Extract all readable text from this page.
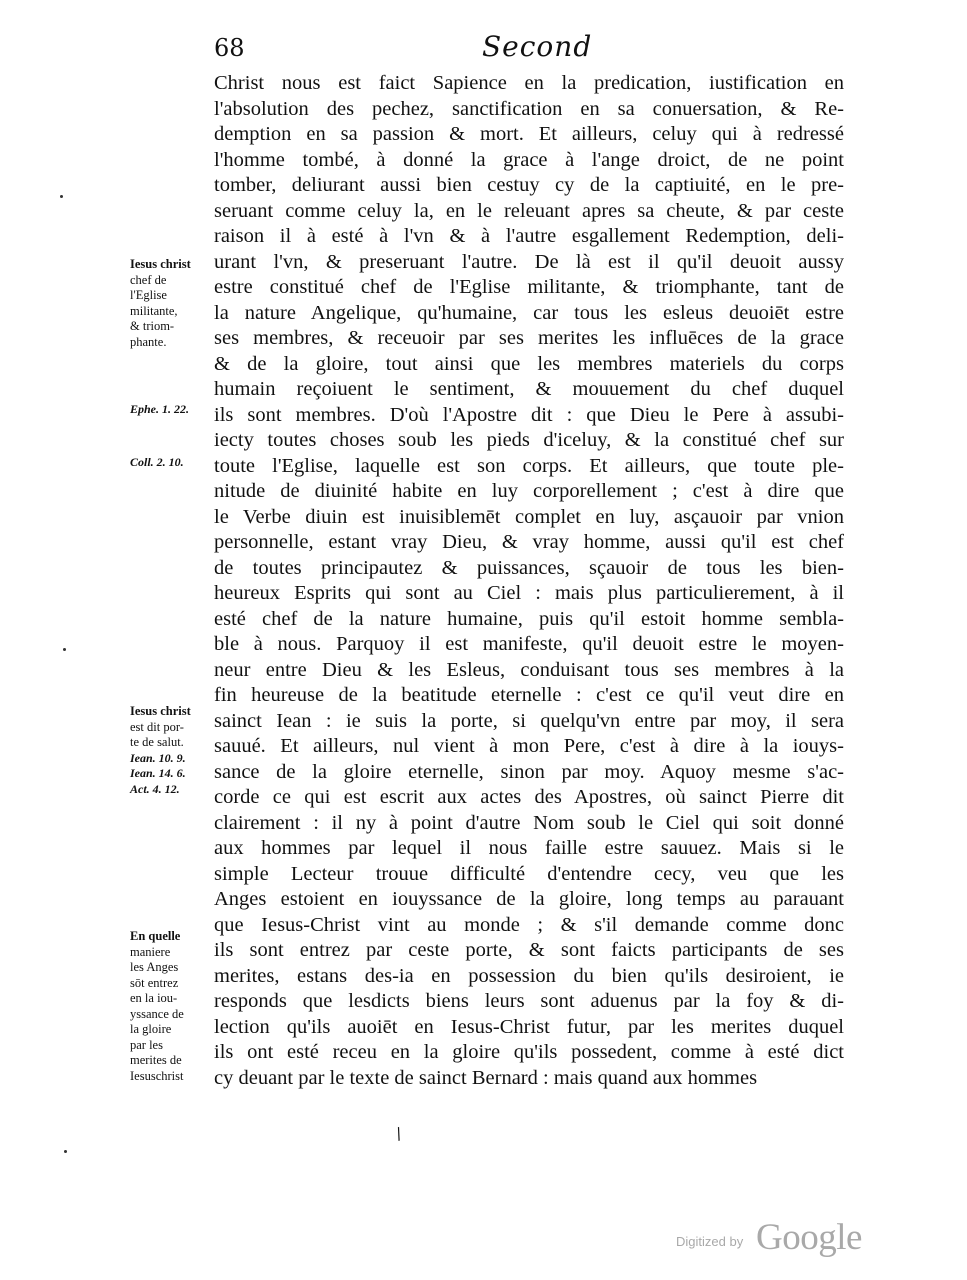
68	Second
Christ nous est faict Sapience en la predication, iustification en
l'absolution des pechez, sanctification en sa conuersation, & Re-
demption en sa passion & mort. Et ailleurs, celuy qui à redressé
l'homme tombé, à donné la grace à l'ange droict, de ne point
tomber, deliurant aussi bien cestuy cy de la captiuité, en le pre-
seruant comme celuy la, en le releuant apres sa cheute, & par ceste
raison il à esté à l'vn & à l'autre esgallement Redemption, deli-
urant l'vn, & preseruant l'autre. De là est il qu'il deuoit aussy
estre constitué chef de l'Eglise militante, & triomphante, tant de
la nature Angelique, qu'humaine, car tous les esleus deuoiēt estre
ses membres, & receuoir par ses merites les influēces de la grace
& de la gloire, tout ainsi que les membres materiels du corps
humain reçoiuent le sentiment, & mouuement du chef duquel
ils sont membres. D'où l'Apostre dit : que Dieu le Pere à assubi-
iecty toutes choses soub les pieds d'iceluy, & la constitué chef sur
toute l'Eglise, laquelle est son corps. Et ailleurs, que toute ple-
nitude de diuinité habite en luy corporellement ; c'est à dire que
le Verbe diuin est inuisiblemēt complet en luy, asçauoir par vnion
personnelle, estant vray Dieu, & vray homme, aussi qu'il est chef
de toutes principautez & puissances, sçauoir de tous les bien-
heureux Esprits qui sont au Ciel : mais plus particulierement, à il
esté chef de la nature humaine, puis qu'il estoit homme sembla-
ble à nous. Parquoy il est manifeste, qu'il deuoit estre le moyen-
neur entre Dieu & les Esleus, conduisant tous ses membres à la
fin heureuse de la beatitude eternelle : c'est ce qu'il veut dire en
sainct Iean : ie suis la porte, si quelqu'vn entre par moy, il sera
sauué. Et ailleurs, nul vient à mon Pere, c'est à dire à la iouys-
sance de la gloire eternelle, sinon par moy. Aquoy mesme s'ac-
corde ce qui est escrit aux actes des Apostres, où sainct Pierre dit
clairement : il ny à point d'autre Nom soub le Ciel qui soit donné
aux hommes par lequel il nous faille estre sauuez. Mais si le
simple Lecteur trouue difficulté d'entendre cecy, veu que les
Anges estoient en iouyssance de la gloire, long temps au parauant
que Iesus-Christ vint au monde ; & s'il demande comme donc
ils sont entrez par ceste porte, & sont faicts participants de ses
merites, estans des-ia en possession du bien qu'ils desiroient, ie
responds que lesdicts biens leurs sont aduenus par la foy & di-
lection qu'ils auoiēt en Iesus-Christ futur, par les merites duquel
ils ont esté receu en la gloire qu'ils possedent, comme à esté dict
cy deuant par le texte de sainct Bernard : mais quand aux hommes
Iesus christ
chef de
l'Eglise
militante,
& triom-
phante.
Ephe. 1. 22.
Coll. 2. 10.
Iesus christ
est dit por-
te de salut.
Iean. 10. 9.
Iean. 14. 6.
Act. 4. 12.
En quelle
maniere
les Anges
sōt entrez
en la iou-
yssance de
la gloire
par les
merites de
Iesuschrist
/
Digitized by Google
